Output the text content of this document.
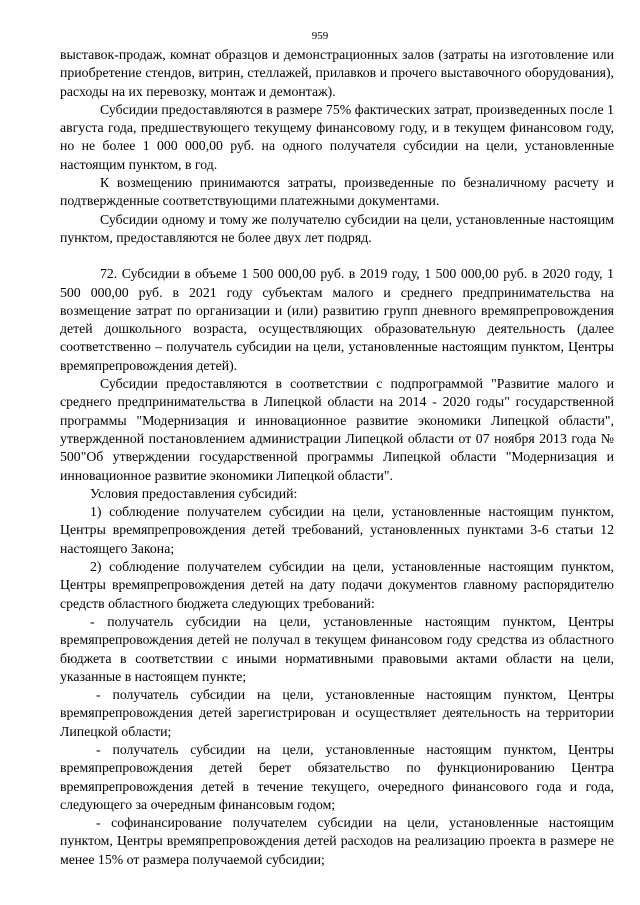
959

выставок-продаж, комнат образцов и демонстрационных залов (затраты на изготовление или приобретение стендов, витрин, стеллажей, прилавков и прочего выставочного оборудования), расходы на их перевозку, монтаж и демонтаж).

Субсидии предоставляются в размере 75% фактических затрат, произведенных после 1 августа года, предшествующего текущему финансовому году, и в текущем финансовом году, но не более 1 000 000,00 руб. на одного получателя субсидии на цели, установленные настоящим пунктом, в год.

К возмещению принимаются затраты, произведенные по безналичному расчету и подтвержденные соответствующими платежными документами.

Субсидии одному и тому же получателю субсидии на цели, установленные настоящим пунктом, предоставляются не более двух лет подряд.

72. Субсидии в объеме 1 500 000,00 руб. в 2019 году, 1 500 000,00 руб. в 2020 году, 1 500 000,00 руб. в 2021 году субъектам малого и среднего предпринимательства на возмещение затрат по организации и (или) развитию групп дневного времяпрепровождения детей дошкольного возраста, осуществляющих образовательную деятельность (далее соответственно – получатель субсидии на цели, установленные настоящим пунктом, Центры времяпрепровождения детей).

Субсидии предоставляются в соответствии с подпрограммой "Развитие малого и среднего предпринимательства в Липецкой области на 2014 - 2020 годы" государственной программы "Модернизация и инновационное развитие экономики Липецкой области", утвержденной постановлением администрации Липецкой области от 07 ноября 2013 года № 500"Об утверждении государственной программы Липецкой области "Модернизация и инновационное развитие экономики Липецкой области".

Условия предоставления субсидий:

1) соблюдение получателем субсидии на цели, установленные настоящим пунктом, Центры времяпрепровождения детей требований, установленных пунктами 3-6 статьи 12 настоящего Закона;

2) соблюдение получателем субсидии на цели, установленные настоящим пунктом, Центры времяпрепровождения детей на дату подачи документов главному распорядителю средств областного бюджета следующих требований:

- получатель субсидии на цели, установленные настоящим пунктом, Центры времяпрепровождения детей не получал в текущем финансовом году средства из областного бюджета в соответствии с иными нормативными правовыми актами области на цели, указанные в настоящем пункте;

- получатель субсидии на цели, установленные настоящим пунктом, Центры времяпрепровождения детей зарегистрирован и осуществляет деятельность на территории Липецкой области;

- получатель субсидии на цели, установленные настоящим пунктом, Центры времяпрепровождения детей берет обязательство по функционированию Центра времяпрепровождения детей в течение текущего, очередного финансового года и года, следующего за очередным финансовым годом;

- софинансирование получателем субсидии на цели, установленные настоящим пунктом, Центры времяпрепровождения детей расходов на реализацию проекта в размере не менее 15% от размера получаемой субсидии;
